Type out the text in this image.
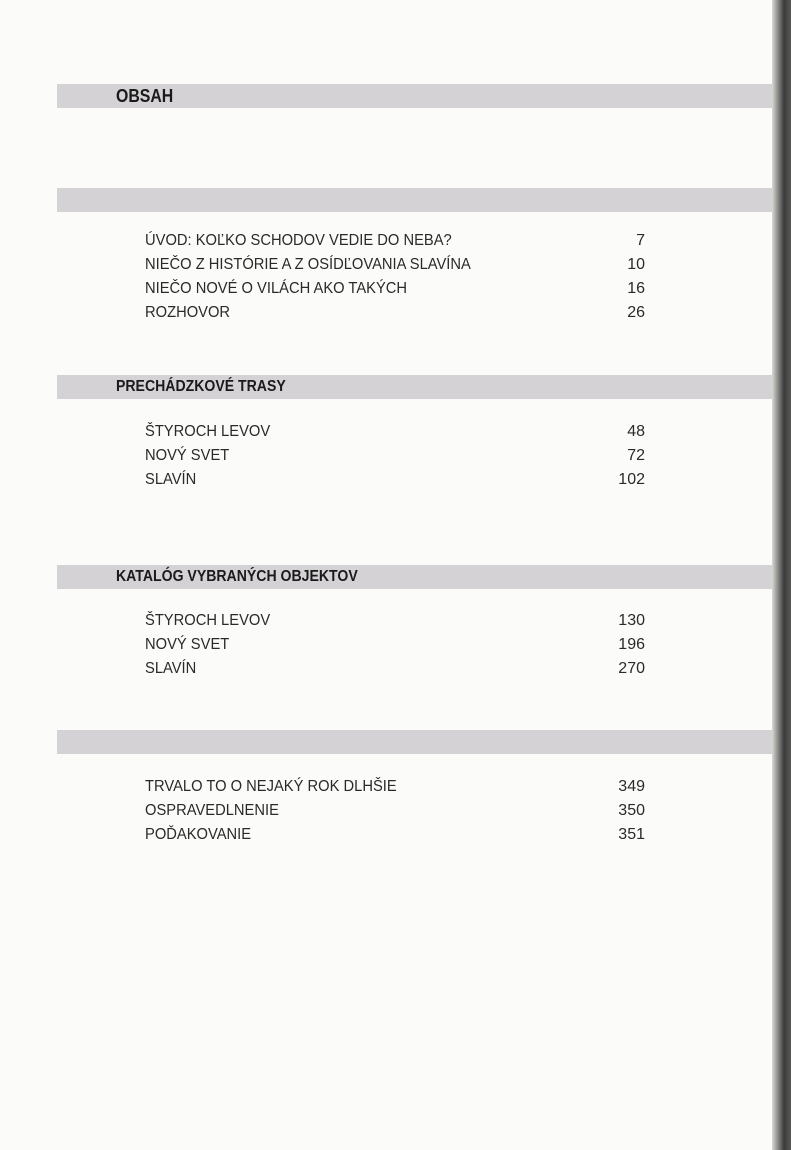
OBSAH
ÚVOD: KOĽKO SCHODOV VEDIE DO NEBA?	7
NIEČO Z HISTÓRIE A Z OSÍDĽOVANIA SLAVÍNA	10
NIEČO NOVÉ O VILÁCH AKO TAKÝCH	16
ROZHOVOR	26
PRECHÁDZKOVÉ TRASY
ŠTYROCH LEVOV	48
NOVÝ SVET	72
SLAVÍN	102
KATALÓG VYBRANÝCH OBJEKTOV
ŠTYROCH LEVOV	130
NOVÝ SVET	196
SLAVÍN	270
TRVALO TO O NEJAKÝ ROK DLHŠIE	349
OSPRAVEDLNENIE	350
POĎAKOVANIE	351
